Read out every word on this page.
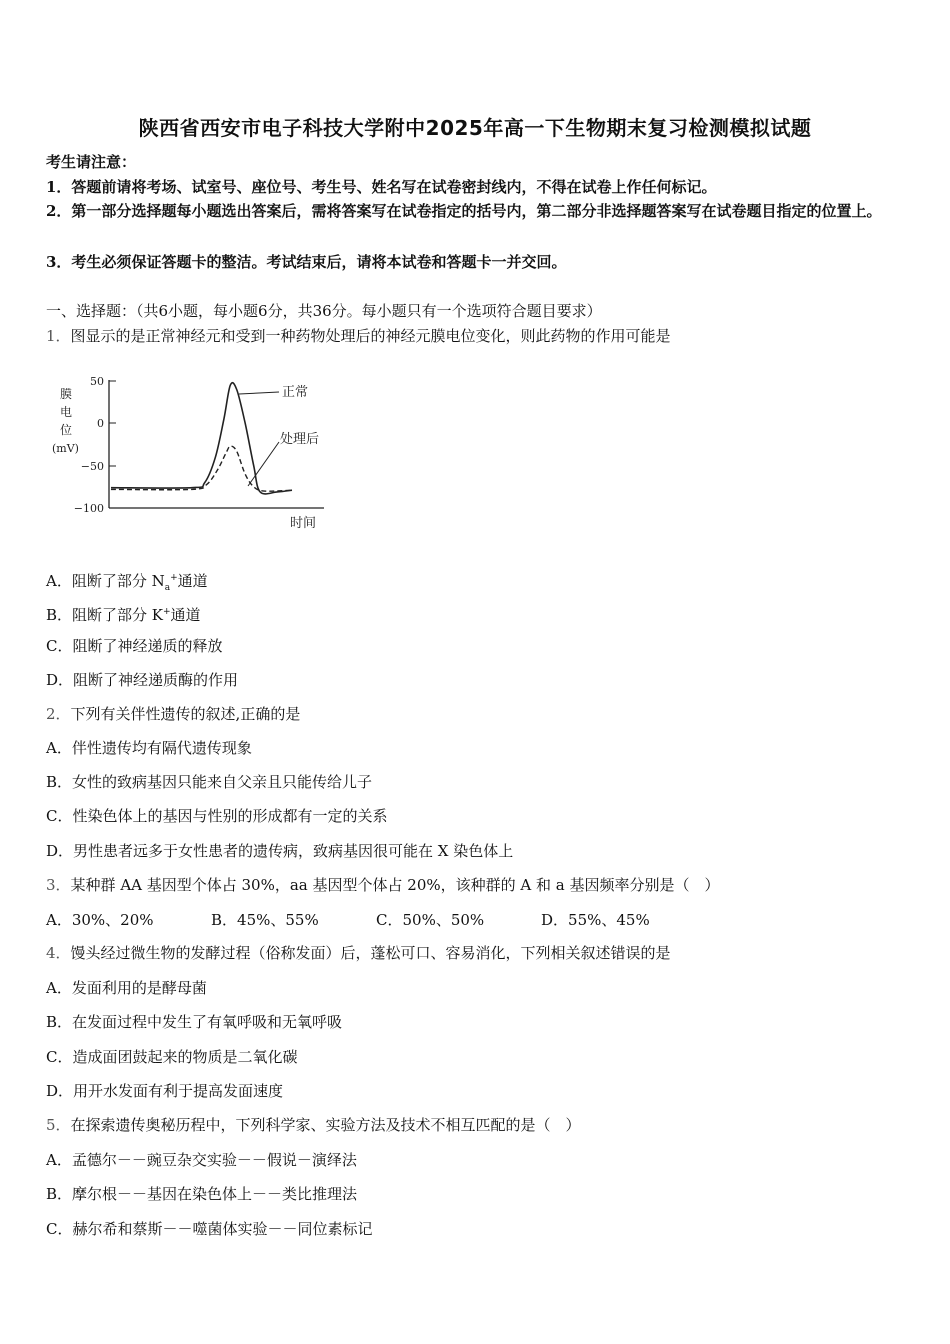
陕西省西安市电子科技大学附中2025年高一下生物期末复习检测模拟试题
考生请注意：
1．答题前请将考场、试室号、座位号、考生号、姓名写在试卷密封线内，不得在试卷上作任何标记。
2．第一部分选择题每小题选出答案后，需将答案写在试卷指定的括号内，第二部分非选择题答案写在试卷题目指定的位置上。
3．考生必须保证答题卡的整洁。考试结束后，请将本试卷和答题卡一并交回。
一、选择题：（共6小题，每小题6分，共36分。每小题只有一个选项符合题目要求）
1．图显示的是正常神经元和受到一种药物处理后的神经元膜电位变化，则此药物的作用可能是
膜
电
位
(mV)
50
0
−50
−100
正常
处理后
时间
A．阻断了部分 $N_a^+$通道
B．阻断了部分 K+通道
C．阻断了神经递质的释放
D．阻断了神经递质酶的作用
2．下列有关伴性遗传的叙述,正确的是
A．伴性遗传均有隔代遗传现象
B．女性的致病基因只能来自父亲且只能传给儿子
C．性染色体上的基因与性别的形成都有一定的关系
D．男性患者远多于女性患者的遗传病，致病基因很可能在 X 染色体上
3．某种群 AA 基因型个体占 30%，aa 基因型个体占 20%，该种群的 A 和 a 基因频率分别是（　）
A．30%、20%	B．45%、55%	C．50%、50%	D．55%、45%
4．馒头经过微生物的发酵过程（俗称发面）后，蓬松可口、容易消化，下列相关叙述错误的是
A．发面利用的是酵母菌
B．在发面过程中发生了有氧呼吸和无氧呼吸
C．造成面团鼓起来的物质是二氧化碳
D．用开水发面有利于提高发面速度
5．在探索遗传奥秘历程中，下列科学家、实验方法及技术不相互匹配的是（　）
A．孟德尔－－豌豆杂交实验－－假说－演绎法
B．摩尔根－－基因在染色体上－－类比推理法
C．赫尔希和蔡斯－－噬菌体实验－－同位素标记
